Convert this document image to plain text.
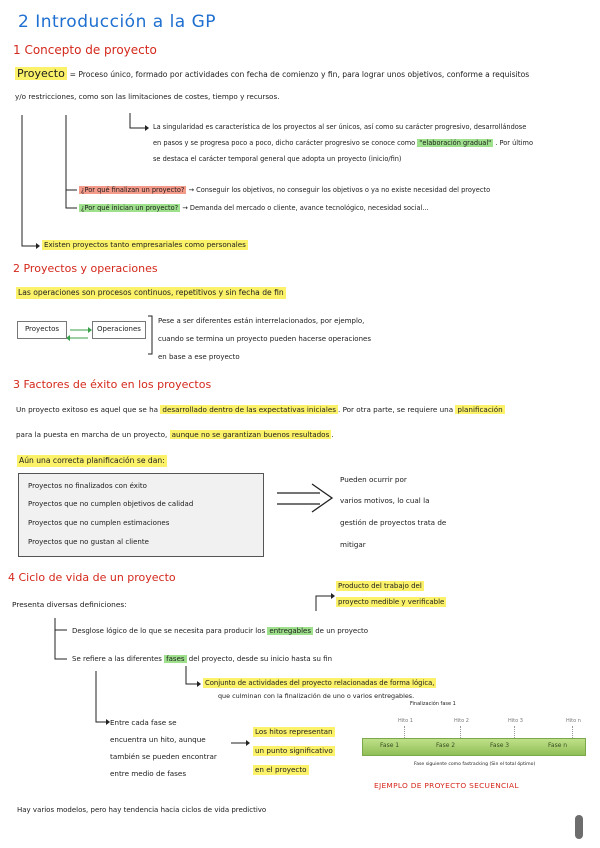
2 Introducción a la GP
1 Concepto de proyecto
Proyecto = Proceso único, formado por actividades con fecha de comienzo y fin, para lograr unos objetivos, conforme a requisitos
y/o restricciones, como son las limitaciones de costes, tiempo y recursos.
La singularidad es característica de los proyectos al ser únicos, así como su carácter progresivo, desarrollándose
en pasos y se progresa poco a poco, dicho carácter progresivo se conoce como "elaboración gradual" . Por último
se destaca el carácter temporal general que adopta un proyecto (inicio/fin)
¿Por qué finalizan un proyecto? → Conseguir los objetivos, no conseguir los objetivos o ya no existe necesidad del proyecto
¿Por qué inician un proyecto? → Demanda del mercado o cliente, avance tecnológico, necesidad social...
Existen proyectos tanto empresariales como personales
2 Proyectos y operaciones
Las operaciones son procesos continuos, repetitivos y sin fecha de fin
Proyectos	Operaciones
Pese a ser diferentes están interrelacionados, por ejemplo,
cuando se termina un proyecto pueden hacerse operaciones
en base a ese proyecto
3 Factores de éxito en los proyectos
Un proyecto exitoso es aquel que se ha desarrollado dentro de las expectativas iniciales . Por otra parte, se requiere una planificación
para la puesta en marcha de un proyecto, aunque no se garantizan buenos resultados .
Aún una correcta planificación se dan:
Proyectos no finalizados con éxito
Proyectos que no cumplen objetivos de calidad
Proyectos que no cumplen estimaciones
Proyectos que no gustan al cliente
Pueden ocurrir por
varios motivos, lo cual la
gestión de proyectos trata de
mitigar
4 Ciclo de vida de un proyecto
Producto del trabajo del
proyecto medible y verificable
Presenta diversas definiciones:
Desglose lógico de lo que se necesita para producir los entregables de un proyecto
Se refiere a las diferentes fases del proyecto, desde su inicio hasta su fin
Conjunto de actividades del proyecto relacionadas de forma lógica,
que culminan con la finalización de uno o varios entregables.
Entre cada fase se
encuentra un hito, aunque
también se pueden encontrar
entre medio de fases
Los hitos representan
un punto significativo
en el proyecto
Finalización fase 1
Hito 1	Hito 2	Hito 3	Hito n
Fase 1	Fase 2	Fase 3	Fase n
Fase siguiente como fastracking (Sin el total óptimo)
EJEMPLO DE PROYECTO SECUENCIAL
Hay varios modelos, pero hay tendencia hacia ciclos de vida predictivo
